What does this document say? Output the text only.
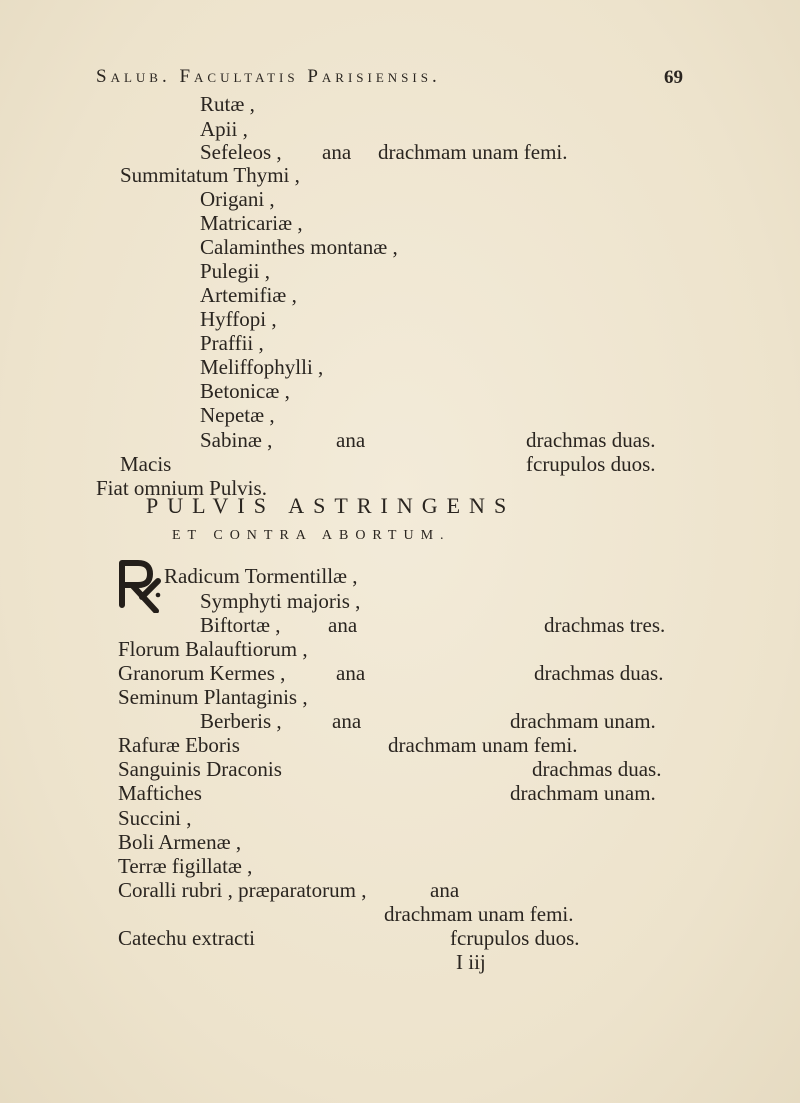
Salub. Facultatis Parisiensis.	69
Rutæ ,
Apii ,
Sefeleos , ana drachmam unam femi.
Summitatum Thymi ,
Origani ,
Matricariæ ,
Calaminthes montanæ ,
Pulegii ,
Artemifiæ ,
Hyffopi ,
Praffii ,
Meliffophylli ,
Betonicæ ,
Nepetæ ,
Sabinæ ,	ana	drachmas duas.
Macis	fcrupulos duos.
Fiat omnium Pulvis.
PULVIS ASTRINGENS
ET CONTRA ABORTUM.
Radicum Tormentillæ ,
Symphyti majoris ,
Biftortæ , ana	drachmas tres.
Florum Balauftiorum ,
Granorum Kermes , ana	drachmas duas.
Seminum Plantaginis ,
Berberis , ana	drachmam unam.
Rafuræ Eboris	drachmam unam femi.
Sanguinis Draconis	drachmas duas.
Maftiches	drachmam unam.
Succini ,
Boli Armenæ ,
Terræ figillatæ ,
Coralli rubri , præparatorum ,	ana
drachmam unam femi.
Catechu extracti	fcrupulos duos.
I iij
